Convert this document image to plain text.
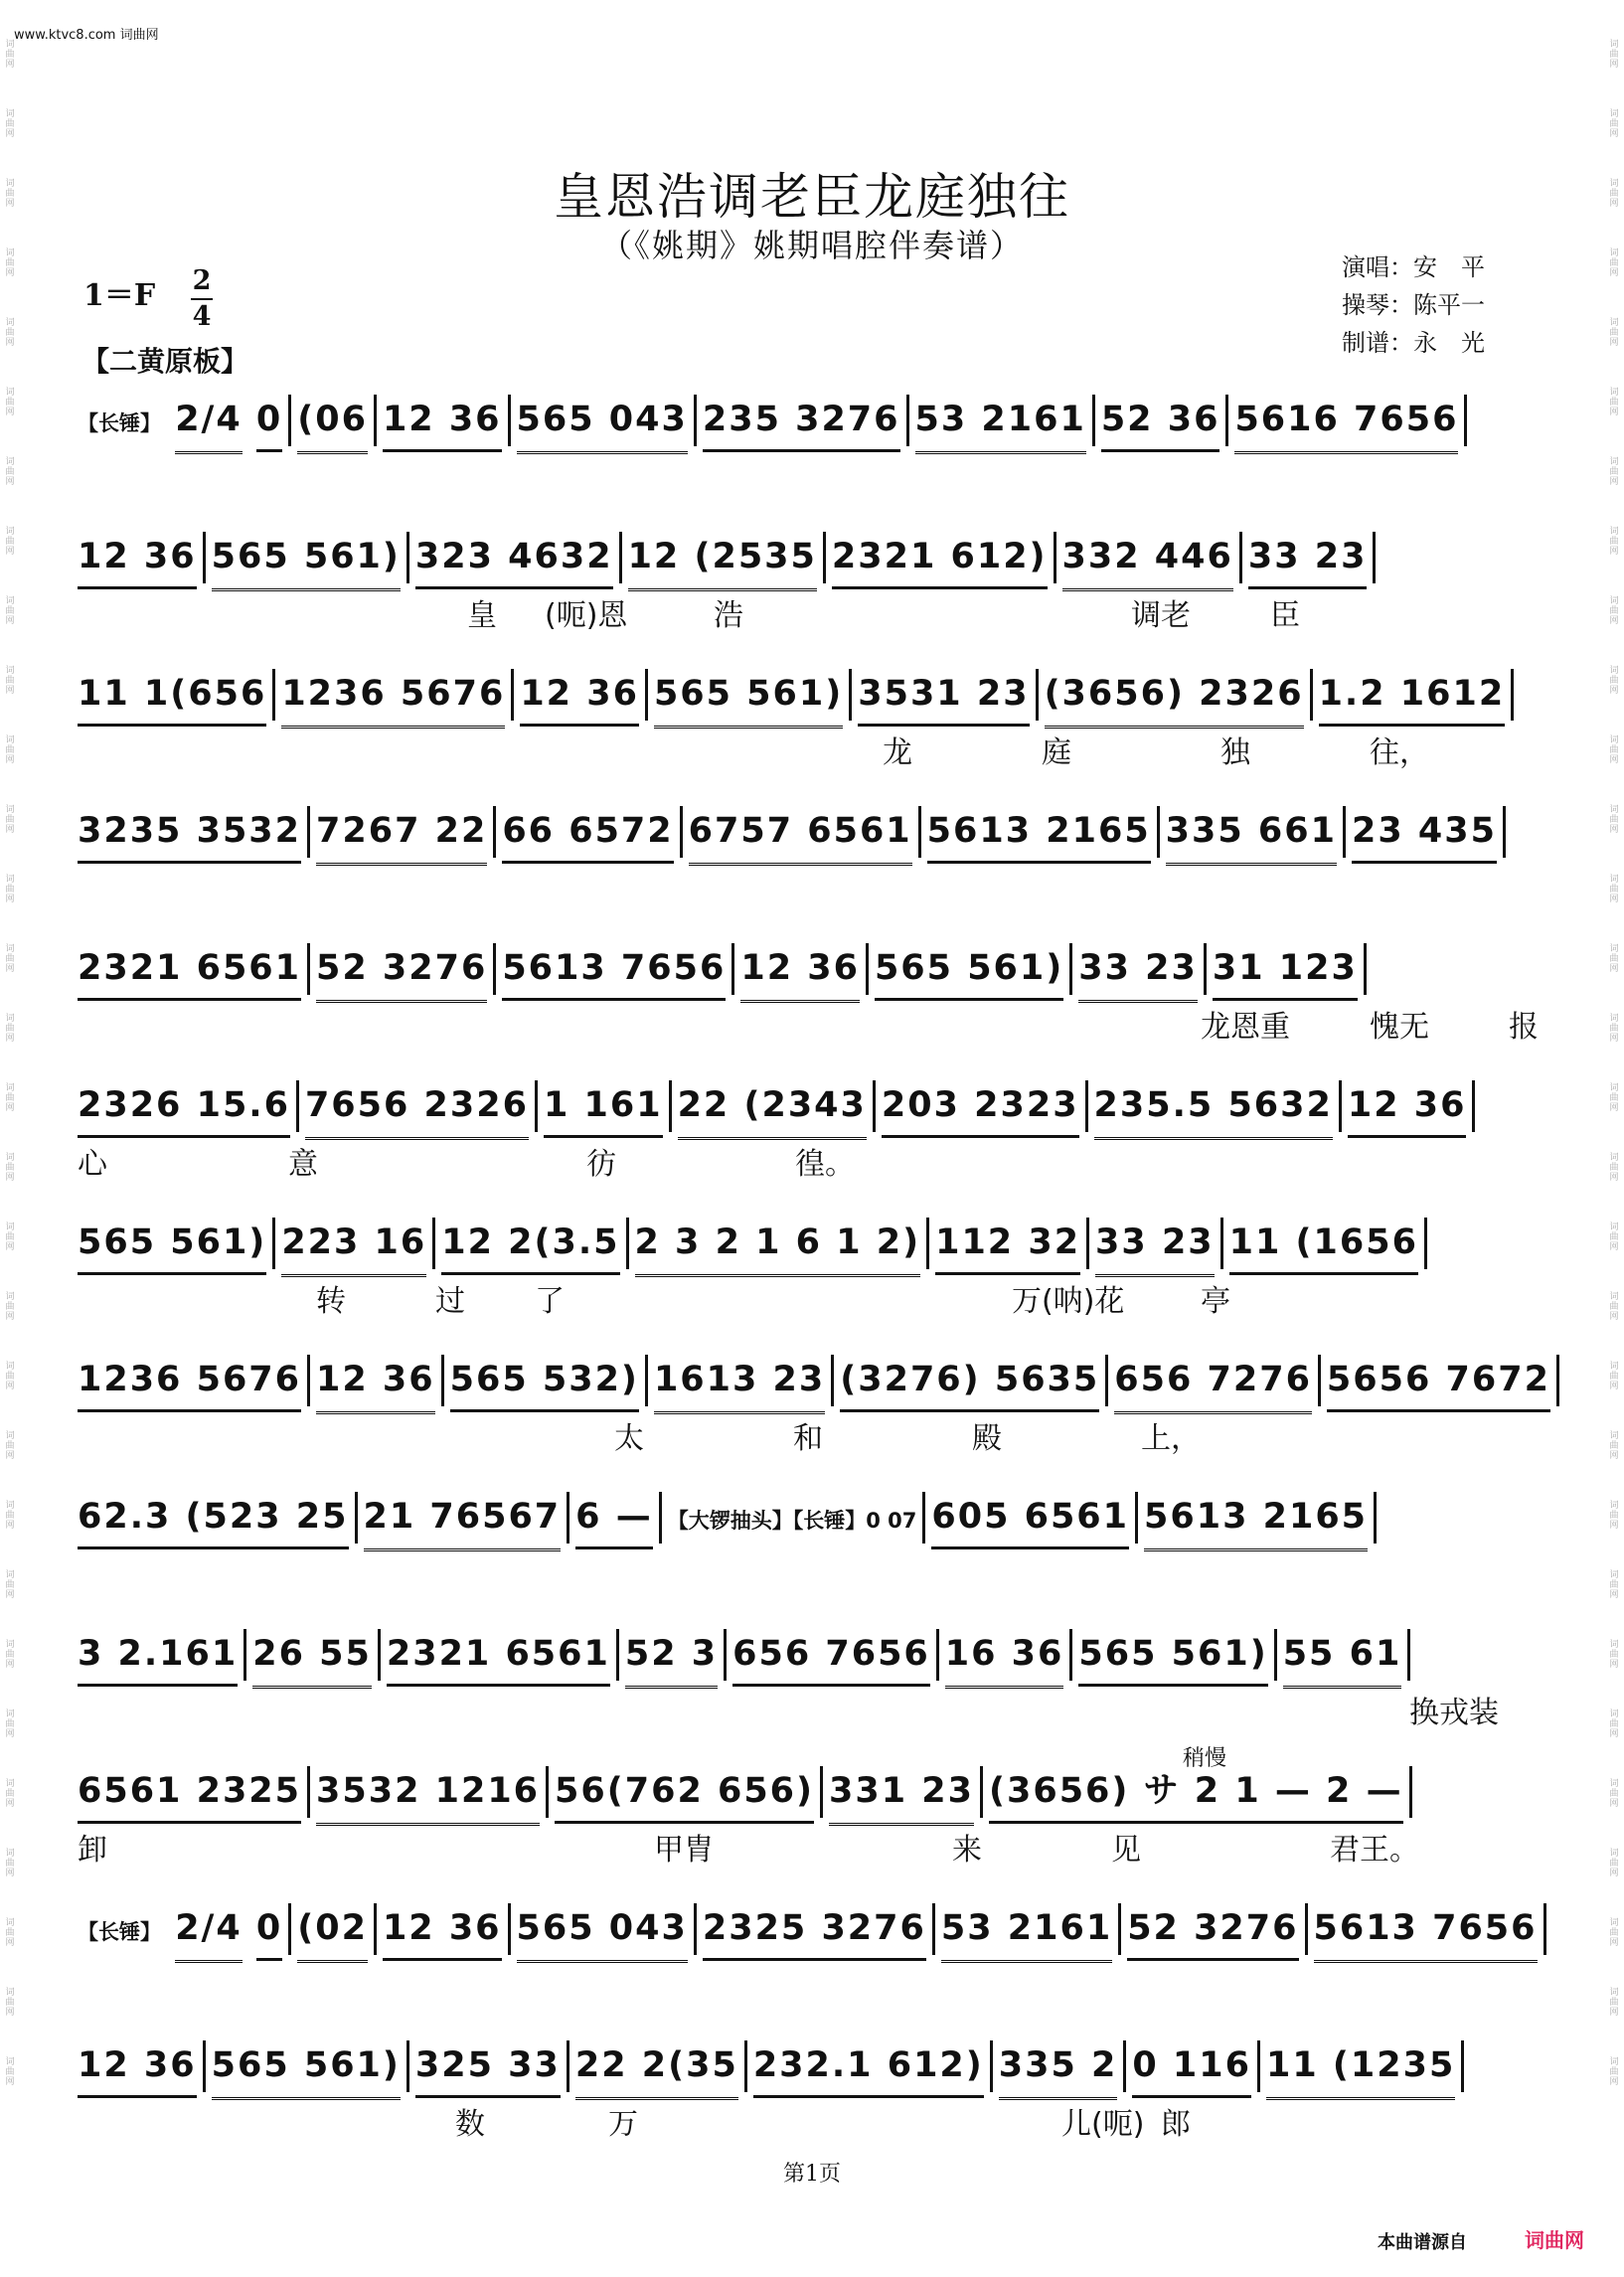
www.ktvc8.com 词曲网
词曲网
词曲网
词曲网
词曲网
词曲网
词曲网
词曲网
词曲网
词曲网
词曲网
词曲网
词曲网
词曲网
词曲网
词曲网
词曲网
词曲网
词曲网
词曲网
词曲网
词曲网
词曲网
词曲网
词曲网
词曲网
词曲网
词曲网
词曲网
词曲网
词曲网
词曲网
词曲网
词曲网
词曲网
词曲网
词曲网
词曲网
词曲网
词曲网
词曲网
词曲网
词曲网
词曲网
词曲网
词曲网
词曲网
词曲网
词曲网
词曲网
词曲网
词曲网
词曲网
词曲网
词曲网
词曲网
词曲网
词曲网
词曲网
词曲网
词曲网
皇恩浩调老臣龙庭独往
（《姚期》姚期唱腔伴奏谱）
演唱：安　平
操琴：陈平一
制谱：永　光
1＝F 2
4
【二黄原板】
稍慢
【长锤】 2/4 0 (06 12 36 565 043 235 3276 53 2161 52 36 5616 7656
12 36 565 561) 323 4632 12 (2535 2321 612) 332 446 33 23
皇 (呃)恩	浩	调老	臣
11 1(656 1236 5676 12 36 565 561) 3531 23 (3656) 2326 1.2 1612
龙	庭	独	往，
3235 3532 7267 22 66 6572 6757 6561 5613 2165 335 661 23 435
2321 6561 52 3276 5613 7656 12 36 565 561) 33 23 31 123
龙恩重	愧无	报
2326 15.6 7656 2326 1 161 22 (2343 203 2323 235.5 5632 12 36
心	意	彷	徨。
565 561) 223 16 12 2(3.5 2 3 2 1 6 1 2) 112 32 33 23 11 (1656
转	过 了	万(呐)花	亭
1236 5676 12 36 565 532) 1613 23 (3276) 5635 656 7276 5656 7672
太	和	殿	上，
62.3 (523 25 21 76567 6 — 【大锣抽头】【长锤】0 07 605 6561 5613 2165
3 2.161 26 55 2321 6561 52 3 656 7656 16 36 565 561) 55 61
换戎装
6561 2325 3532 1216 56(762 656) 331 23 (3656) サ 2 1 — 2 —
卸	甲胄	来	见	君王。
【长锤】 2/4 0 (02 12 36 565 043 2325 3276 53 2161 52 3276 5613 7656
12 36 565 561) 325 33 22 2(35 232.1 612) 335 2 0 116 11 (1235
数	万	儿(呃) 郎
第1页
本曲谱源自	词曲网
